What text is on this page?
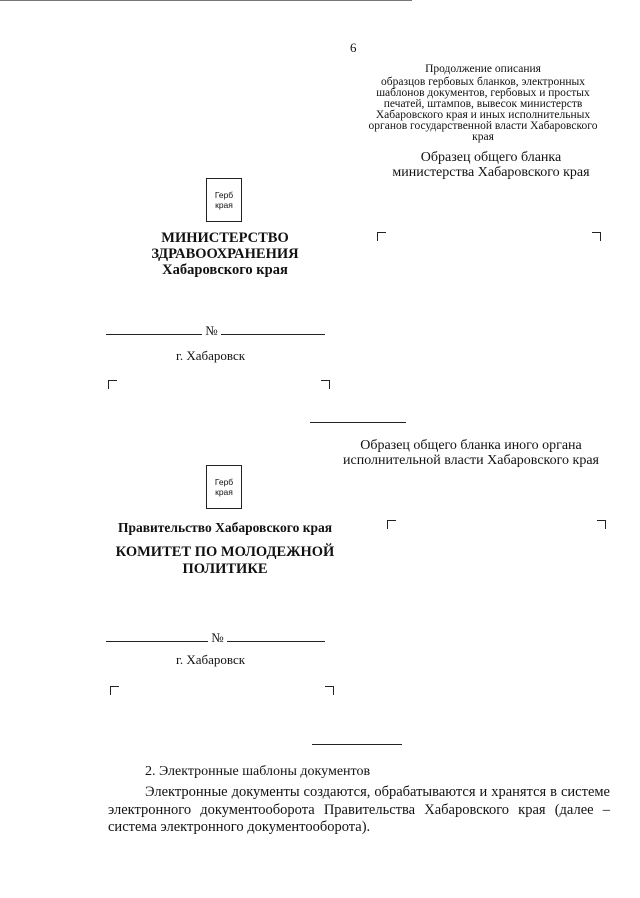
6
Продолжение описания
образцов гербовых бланков, электронных шаблонов документов, гербовых и простых печатей, штампов, вывесок министерств Хабаровского края и иных исполнительных органов государственной власти Хабаровского края
Образец общего бланка
министерства Хабаровского края
Герб
края
МИНИСТЕРСТВО
ЗДРАВООХРАНЕНИЯ
Хабаровского края
№
г. Хабаровск
Образец общего бланка иного органа
исполнительной власти Хабаровского края
Герб
края
Правительство Хабаровского края
КОМИТЕТ ПО МОЛОДЕЖНОЙ
ПОЛИТИКЕ
№
г. Хабаровск
2. Электронные шаблоны документов
Электронные документы создаются, обрабатываются и хранятся в системе электронного документооборота Правительства Хабаровского края (далее – система электронного документооборота).
